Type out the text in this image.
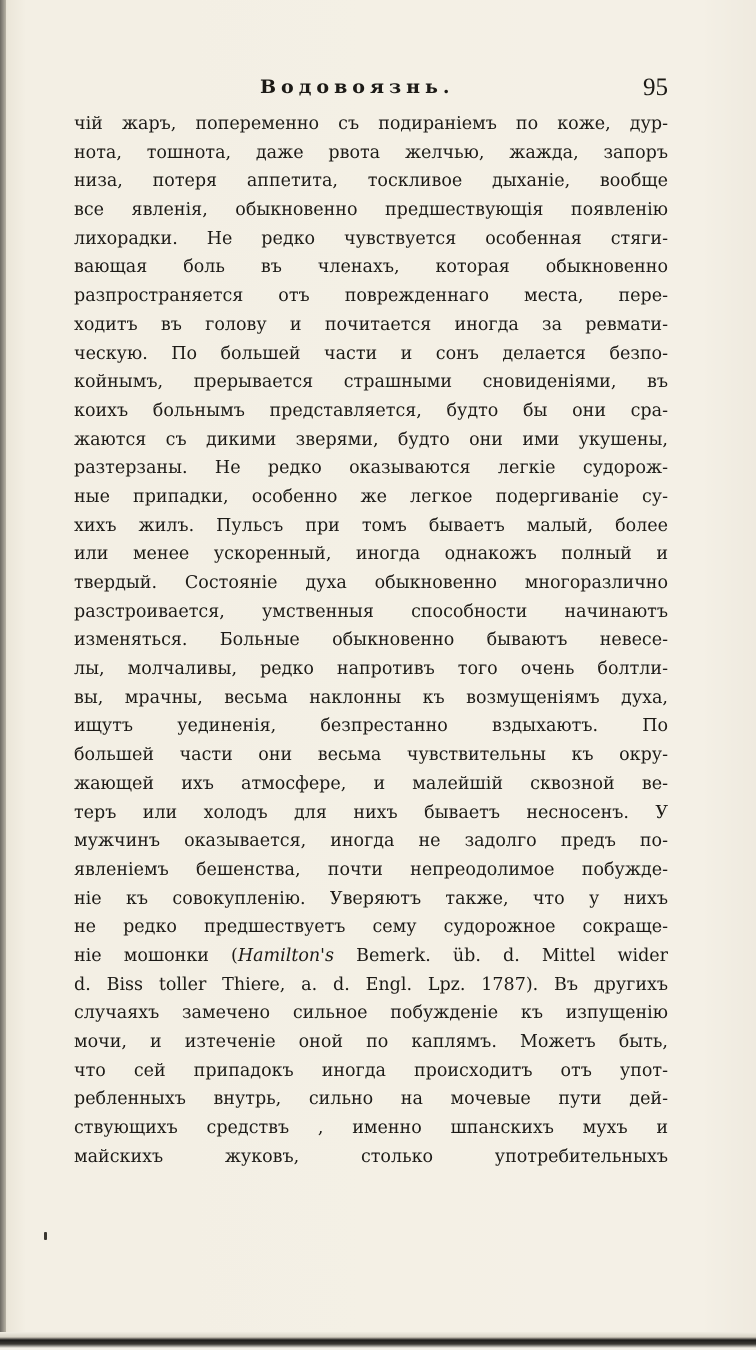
Водовоязнь.	95
чій жаръ, попеременно съ подираніемъ по коже, дур-
нота, тошнота, даже рвота желчью, жажда, запоръ
низа, потеря аппетита, тоскливое дыханіе, вообще
все явленія, обыкновенно предшествующія появленію
лихорадки. Не редко чувствуется особенная стяги-
вающая боль въ членахъ, которая обыкновенно
разпространяется отъ поврежденнаго места, пере-
ходитъ въ голову и почитается иногда за ревмати-
ческую. По большей части и сонъ делается безпо-
койнымъ, прерывается страшными сновиденіями, въ
коихъ больнымъ представляется, будто бы они сра-
жаются съ дикими зверями, будто они ими укушены,
разтерзаны. Не редко оказываются легкіе судорож-
ные припадки, особенно же легкое подергиваніе су-
хихъ жилъ. Пульсъ при томъ бываетъ малый, более
или менее ускоренный, иногда однакожъ полный и
твердый. Состояніе духа обыкновенно многоразлично
разстроивается, умственныя способности начинаютъ
изменяться. Больные обыкновенно бываютъ невесе-
лы, молчаливы, редко напротивъ того очень болтли-
вы, мрачны, весьма наклонны къ возмущеніямъ духа,
ищутъ уединенія, безпрестанно вздыхаютъ. По
большей части они весьма чувствительны къ окру-
жающей ихъ атмосфере, и малейшій сквозной ве-
теръ или холодъ для нихъ бываетъ несносенъ. У
мужчинъ оказывается, иногда не задолго предъ по-
явленіемъ бешенства, почти непреодолимое побужде-
ніе къ совокупленію. Уверяютъ также, что у нихъ
не редко предшествуетъ сему судорожное сокраще-
ніе мошонки (Hamilton's Bemerk. üb. d. Mittel wider
d. Biss toller Thiere, a. d. Engl. Lpz. 1787). Въ другихъ
случаяхъ замечено сильное побужденіе къ изпущенію
мочи, и изтеченіе оной по каплямъ. Можетъ быть,
что сей припадокъ иногда происходитъ отъ упот-
ребленныхъ внутрь, сильно на мочевые пути дей-
ствующихъ средствъ , именно шпанскихъ мухъ и
майскихъ жуковъ, столько употребительныхъ
